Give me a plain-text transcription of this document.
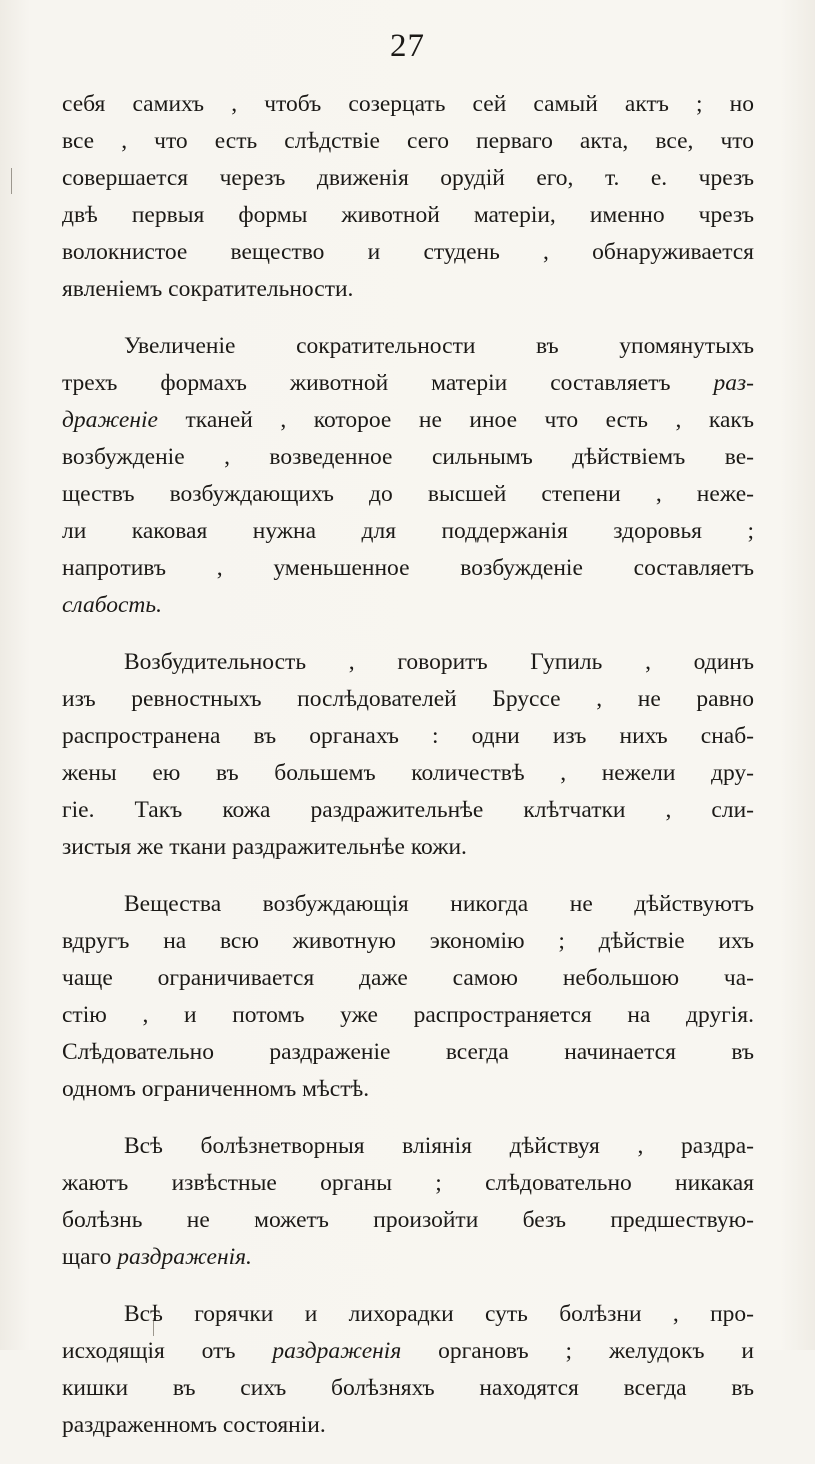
27
себя самихъ , чтобъ созерцать сей самый актъ ; но
все , что есть слѣдствіе сего перваго акта, все, что
совершается черезъ движенія орудій его, т. е. чрезъ
двѣ первыя формы животной матеріи, именно чрезъ
волокнистое вещество и студень , обнаруживается
явленіемъ сократительности.
Увеличеніе сократительности въ упомянутыхъ
трехъ формахъ животной матеріи составляетъ раз-
драженіе тканей , которое не иное что есть , какъ
возбужденіе , возведенное сильнымъ дѣйствіемъ ве-
ществъ возбуждающихъ до высшей степени , нeже-
ли каковая нужна для поддержанія здоровья ;
напротивъ , уменьшенное возбужденіе составляетъ
слабость.
Возбудительность , говоритъ Гупиль , одинъ
изъ ревностныхъ послѣдователей Бруссе , не равно
распространена въ органахъ : одни изъ нихъ снаб-
жены ею въ большемъ количествѣ , нежели дру-
гіе. Такъ кожа раздражительнѣе клѣтчатки , сли-
зистыя же ткани раздражительнѣе кожи.
Вещества возбуждающія никогда не дѣйствуютъ
вдругъ на всю животную экономію ; дѣйствіе ихъ
чаще ограничивается даже самою небольшою ча-
стію , и потомъ уже распространяется на другія.
Слѣдовательно раздраженіе всегда начинается въ
одномъ ограниченномъ мѣстѣ.
Всѣ болѣзнетворныя вліянія дѣйствуя , раздра-
жаютъ извѣстные органы ; слѣдовательно никакая
болѣзнь не можетъ произойти безъ предшествую-
щаго раздраженія.
Всѣ горячки и лихорадки суть болѣзни , про-
исходящія отъ раздраженія органовъ ; желудокъ и
кишки въ сихъ болѣзняхъ находятся всегда въ
раздраженномъ состояніи.
